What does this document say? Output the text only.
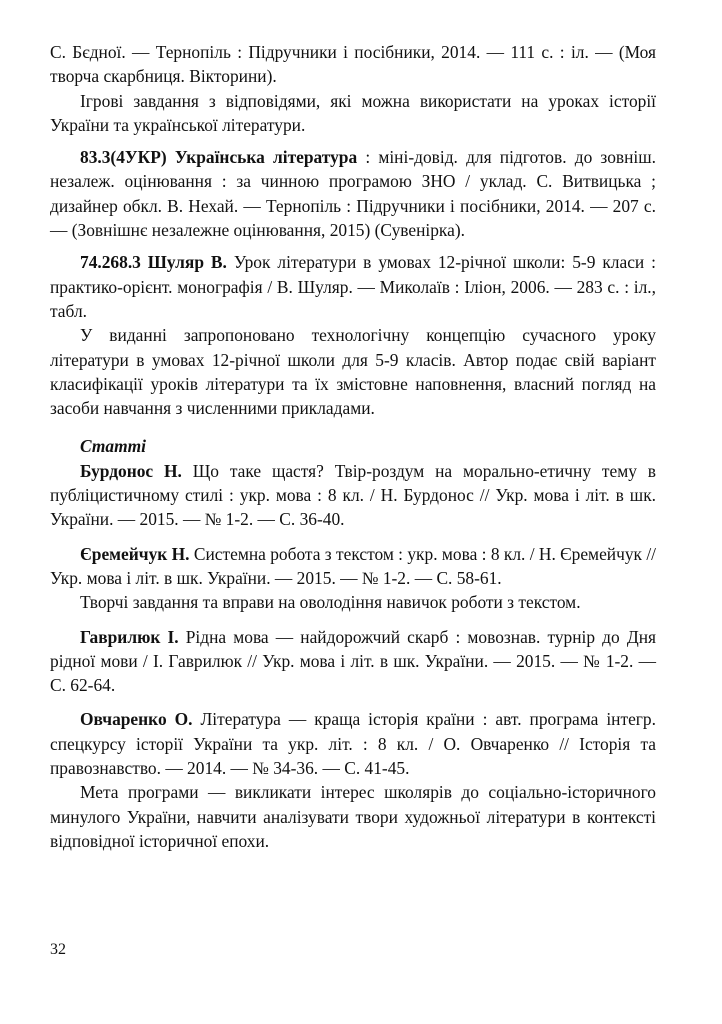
С. Бєдної. — Тернопіль : Підручники і посібники, 2014. — 111 с. : іл. — (Моя творча скарбниця. Вікторини).

Ігрові завдання з відповідями, які можна використати на уроках історії України та української літератури.

83.3(4УКР) Українська література : міні-довід. для підготов. до зовніш. незалеж. оцінювання : за чинною програмою ЗНО / уклад. С. Витвицька ; дизайнер обкл. В. Нехай. — Тернопіль : Підручники і посібники, 2014. — 207 с. — (Зовнішнє незалежне оцінювання, 2015) (Сувенірка).

74.268.3 Шуляр В. Урок літератури в умовах 12-річної школи: 5-9 класи : практико-орієнт. монографія / В. Шуляр. — Миколаїв : Іліон, 2006. — 283 с. : іл., табл.

У виданні запропоновано технологічну концепцію сучасного уроку літератури в умовах 12-річної школи для 5-9 класів. Автор подає свій варіант класифікації уроків літератури та їх змістовне наповнення, власний погляд на засоби навчання з численними прикладами.

Статті

Бурдонос Н. Що таке щастя? Твір-роздум на морально-етичну тему в публіцистичному стилі : укр. мова : 8 кл. / Н. Бурдонос // Укр. мова і літ. в шк. України. — 2015. — № 1-2. — С. 36-40.

Єремейчук Н. Системна робота з текстом : укр. мова : 8 кл. / Н. Єремейчук // Укр. мова і літ. в шк. України. — 2015. — № 1-2. — С. 58-61.

Творчі завдання та вправи на оволодіння навичок роботи з текстом.

Гаврилюк І. Рідна мова — найдорожчий скарб : мовознав. турнір до Дня рідної мови / І. Гаврилюк // Укр. мова і літ. в шк. України. — 2015. — № 1-2. — С. 62-64.

Овчаренко О. Література — краща історія країни : авт. програма інтегр. спецкурсу історії України та укр. літ. : 8 кл. / О. Овчаренко // Історія та правознавство. — 2014. — № 34-36. — С. 41-45.

Мета програми — викликати інтерес школярів до соціально-історичного минулого України, навчити аналізувати твори художньої літератури в контексті відповідної історичної епохи.

32
